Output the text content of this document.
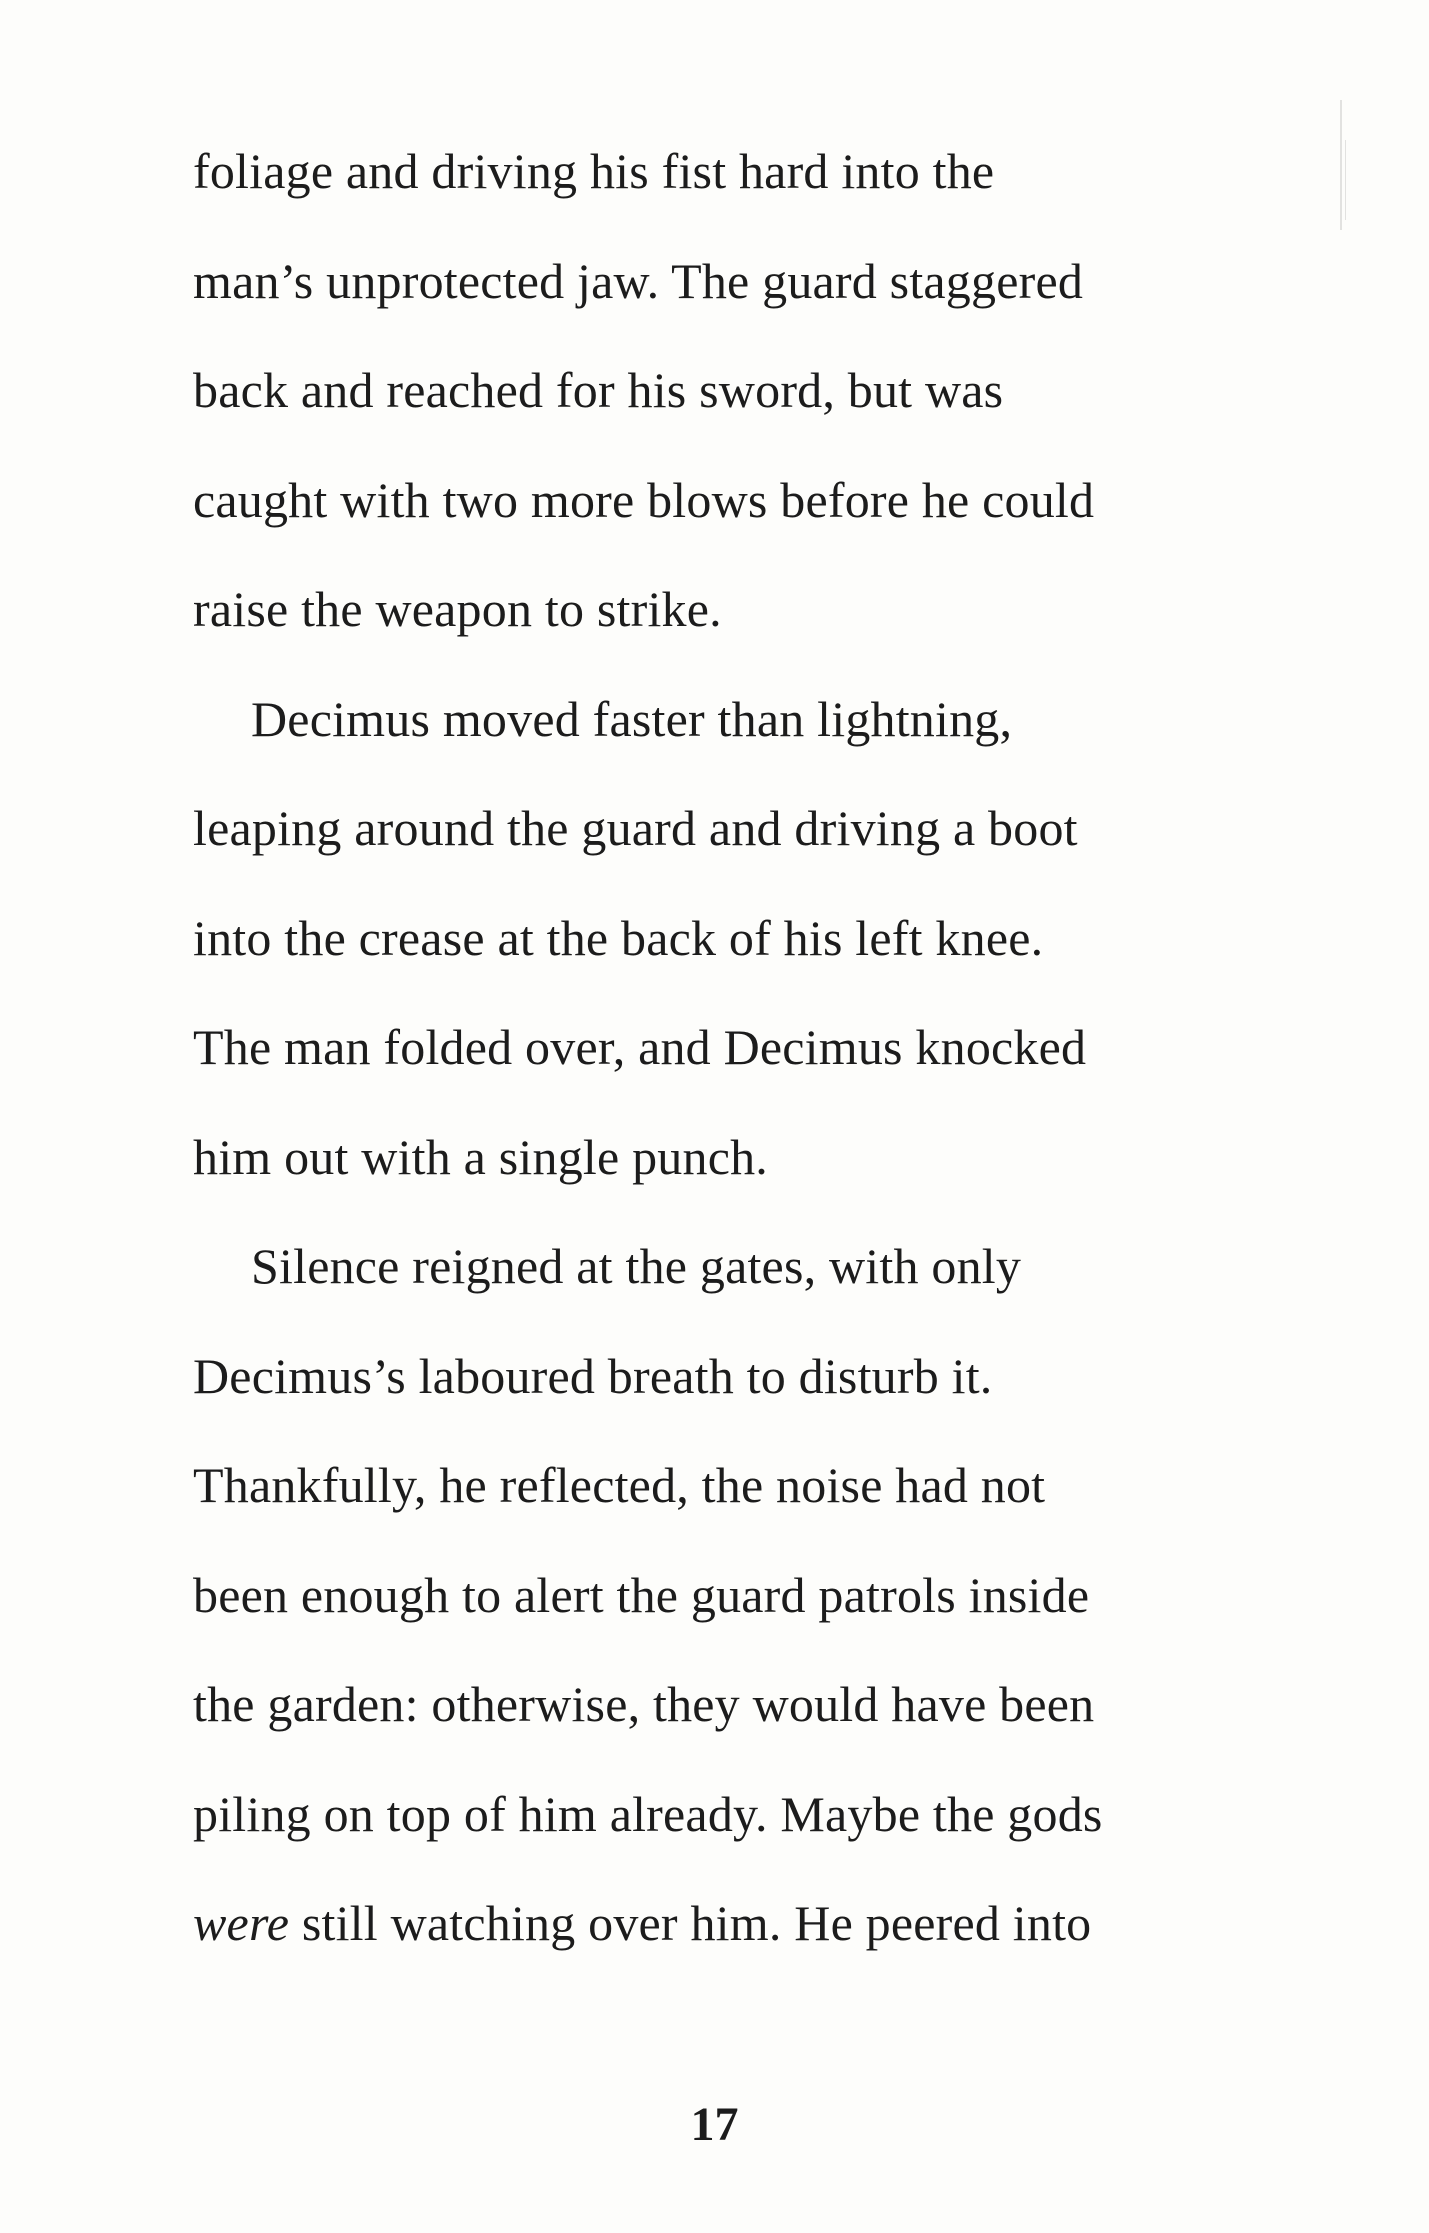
foliage and driving his fist hard into the
man’s unprotected jaw. The guard staggered
back and reached for his sword, but was
caught with two more blows before he could
raise the weapon to strike.
Decimus moved faster than lightning,
leaping around the guard and driving a boot
into the crease at the back of his left knee.
The man folded over, and Decimus knocked
him out with a single punch.
Silence reigned at the gates, with only
Decimus’s laboured breath to disturb it.
Thankfully, he reflected, the noise had not
been enough to alert the guard patrols inside
the garden: otherwise, they would have been
piling on top of him already. Maybe the gods
were still watching over him. He peered into
17
